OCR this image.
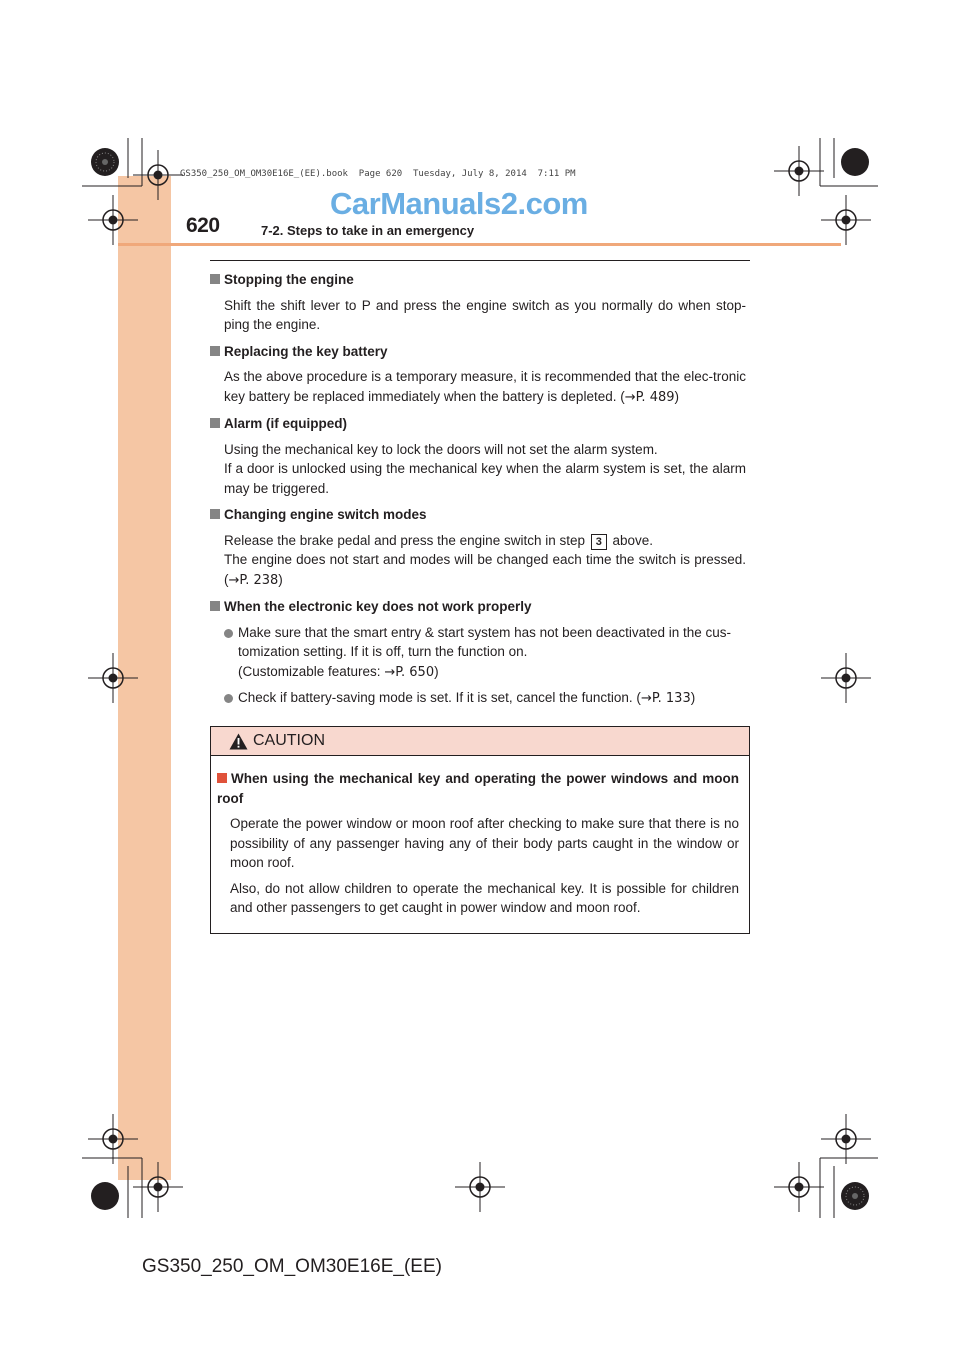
620	7-2. Steps to take in an emergency
GS350_250_OM_OM30E16E_(EE).book  Page 620  Tuesday, July 8, 2014  7:11 PM
CarManuals2.com
Stopping the engine
Shift the shift lever to P and press the engine switch as you normally do when stop-ping the engine.
Replacing the key battery
As the above procedure is a temporary measure, it is recommended that the elec-tronic key battery be replaced immediately when the battery is depleted. (→P. 489)
Alarm (if equipped)
Using the mechanical key to lock the doors will not set the alarm system.
If a door is unlocked using the mechanical key when the alarm system is set, the alarm may be triggered.
Changing engine switch modes
Release the brake pedal and press the engine switch in step 3 above.
The engine does not start and modes will be changed each time the switch is pressed.(→P. 238)
When the electronic key does not work properly
Make sure that the smart entry & start system has not been deactivated in the cus-tomization setting. If it is off, turn the function on.
(Customizable features: →P. 650)
Check if battery-saving mode is set. If it is set, cancel the function. (→P. 133)
CAUTION
When using the mechanical key and operating the power windows and moon roof
Operate the power window or moon roof after checking to make sure that there is no possibility of any passenger having any of their body parts caught in the window or moon roof.
Also, do not allow children to operate the mechanical key. It is possible for children and other passengers to get caught in power window and moon roof.
GS350_250_OM_OM30E16E_(EE)
